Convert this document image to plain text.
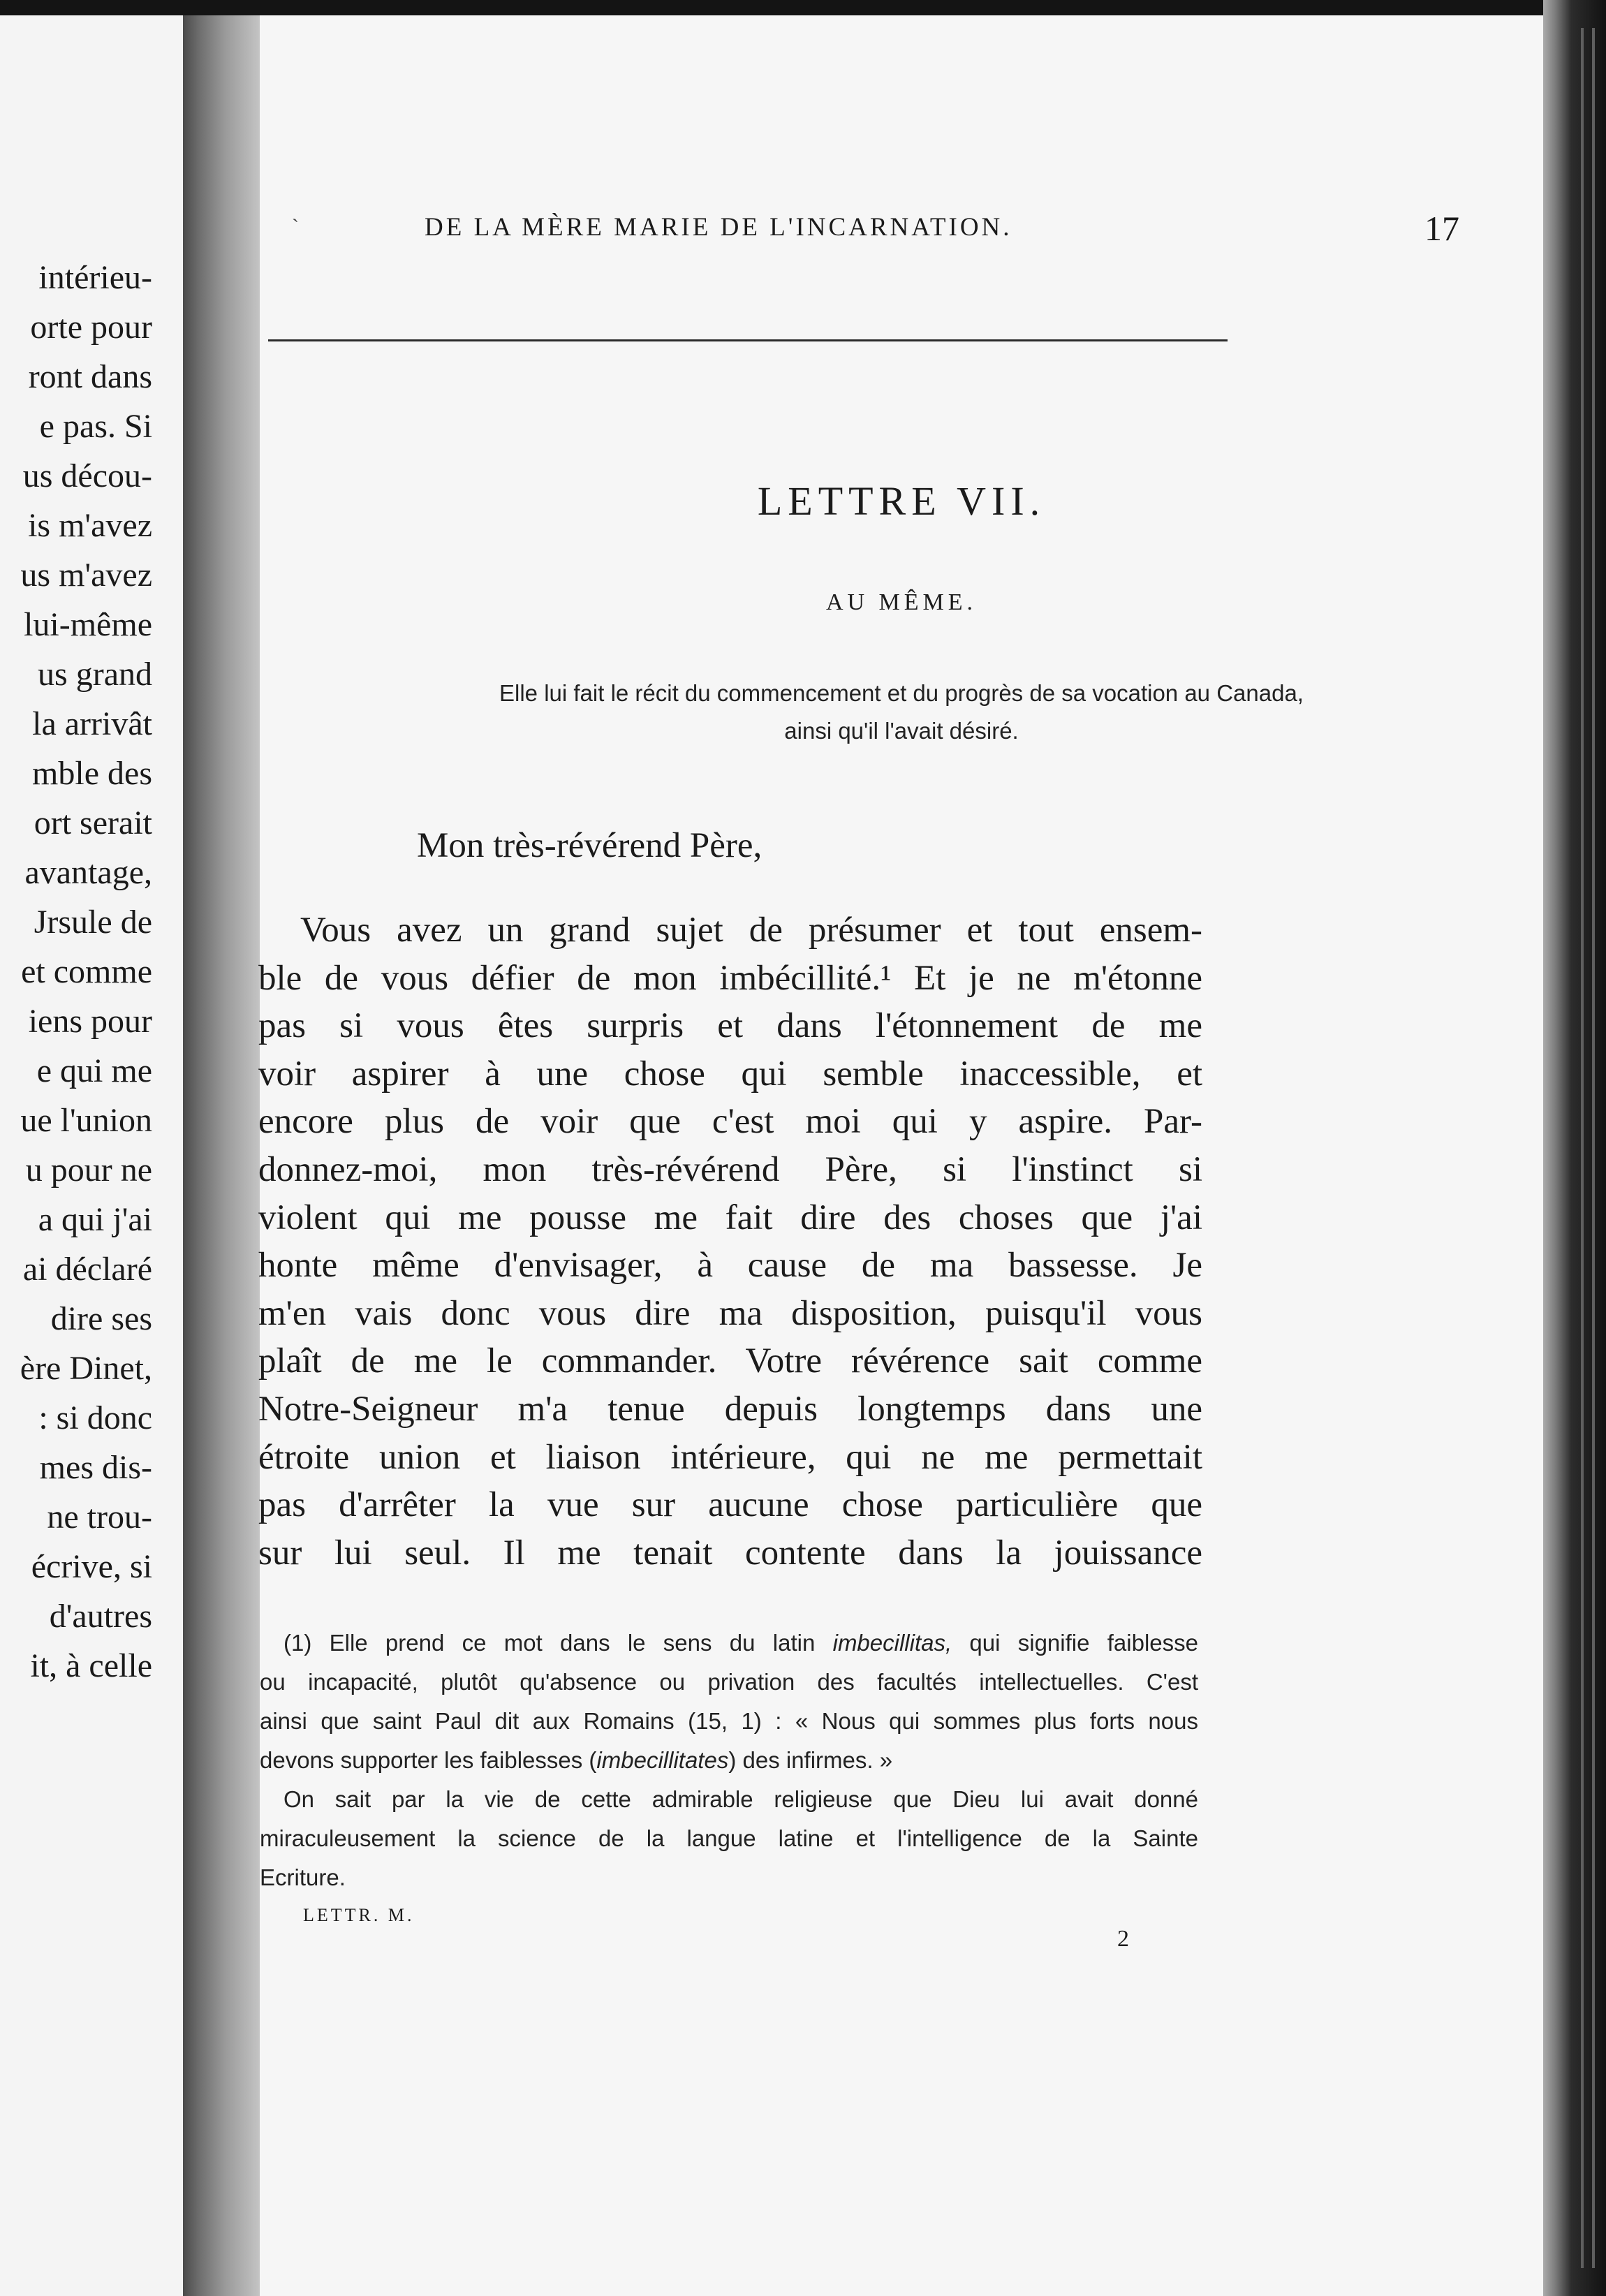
intérieu-
orte pour
ront dans
e pas. Si
us décou-
is m'avez
us m'avez
lui-même
us grand
la arrivât
mble des
ort serait
avantage,
Jrsule de
et comme
iens pour
e qui me
ue l'union
u pour ne
a qui j'ai
ai déclaré
dire ses
ère Dinet,
: si donc
mes dis-
ne trou-
écrive, si
d'autres
it, à celle
ˋ	DE LA MÈRE MARIE DE L'INCARNATION.	17
LETTRE VII.
AU MÊME.
Elle lui fait le récit du commencement et du progrès de sa vocation au Canada,
ainsi qu'il l'avait désiré.
Mon très-révérend Père,
Vous avez un grand sujet de présumer et tout ensem-
ble de vous défier de mon imbécillité.¹ Et je ne m'étonne
pas si vous êtes surpris et dans l'étonnement de me
voir aspirer à une chose qui semble inaccessible, et
encore plus de voir que c'est moi qui y aspire. Par-
donnez-moi, mon très-révérend Père, si l'instinct si
violent qui me pousse me fait dire des choses que j'ai
honte même d'envisager, à cause de ma bassesse. Je
m'en vais donc vous dire ma disposition, puisqu'il vous
plaît de me le commander. Votre révérence sait comme
Notre-Seigneur m'a tenue depuis longtemps dans une
étroite union et liaison intérieure, qui ne me permettait
pas d'arrêter la vue sur aucune chose particulière que
sur lui seul. Il me tenait contente dans la jouissance
(1) Elle prend ce mot dans le sens du latin imbecillitas, qui signifie faiblesse
ou incapacité, plutôt qu'absence ou privation des facultés intellectuelles. C'est
ainsi que saint Paul dit aux Romains (15, 1) : « Nous qui sommes plus forts nous
devons supporter les faiblesses (imbecillitates) des infirmes. »
On sait par la vie de cette admirable religieuse que Dieu lui avait donné
miraculeusement la science de la langue latine et l'intelligence de la Sainte
Ecriture.
LETTR. M.
2
